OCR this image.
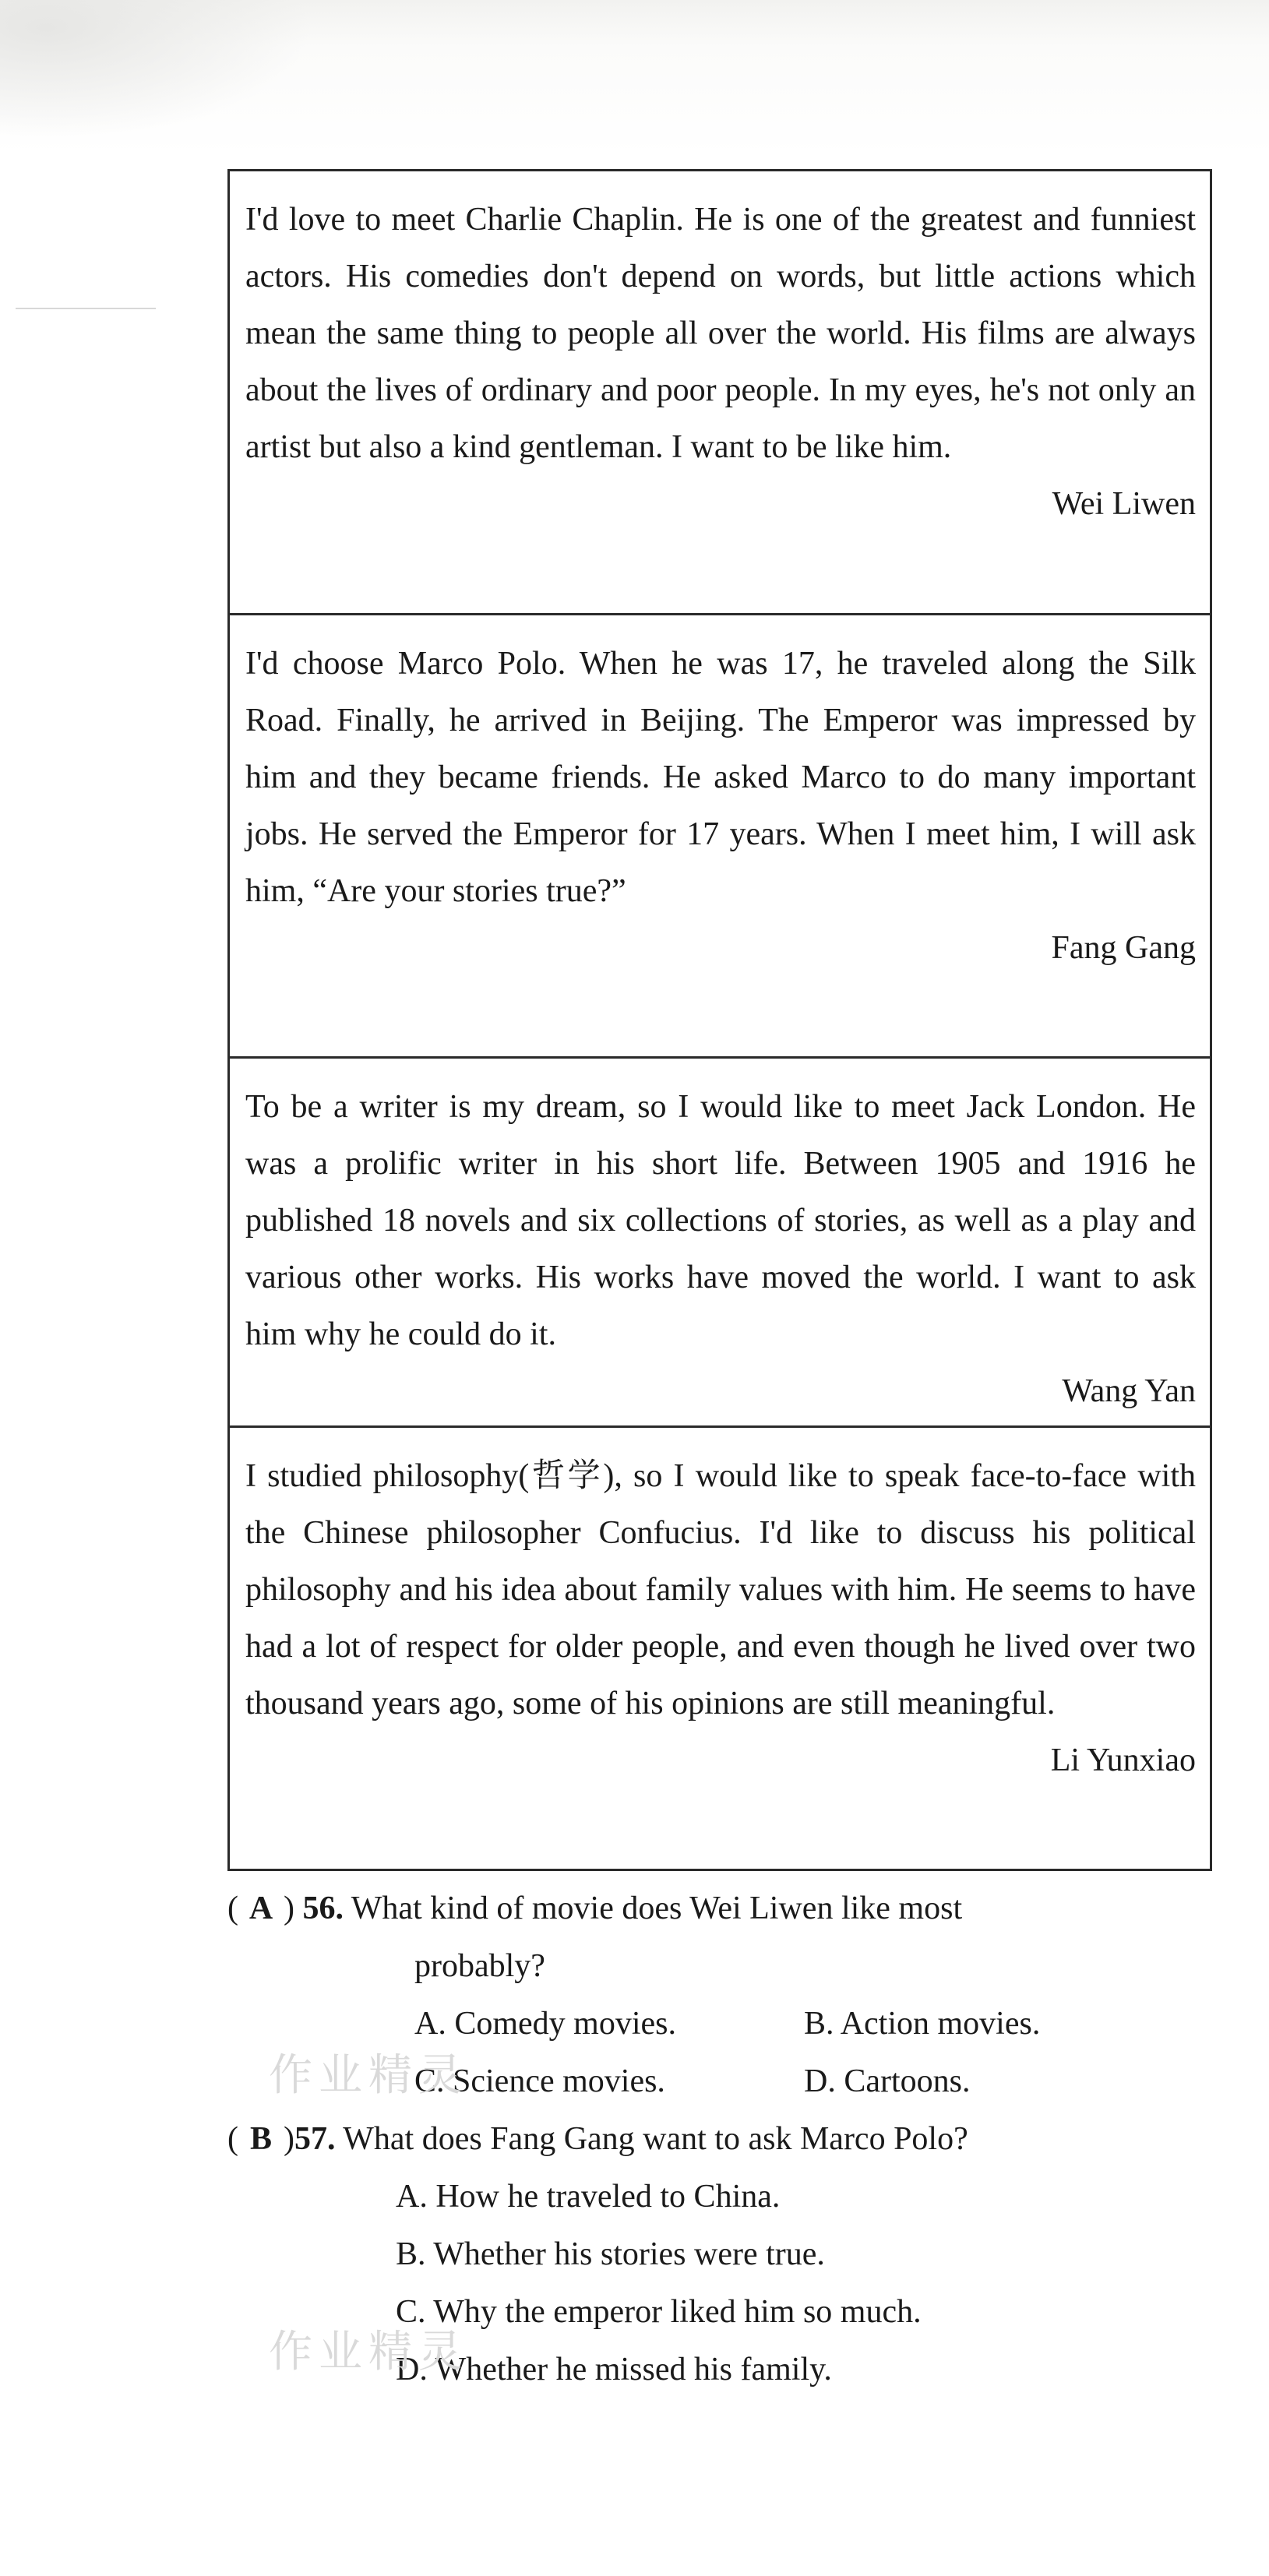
I'd love to meet Charlie Chaplin. He is one of the greatest and funniest actors. His comedies don't depend on words, but little actions which mean the same thing to people all over the world. His films are always about the lives of ordinary and poor people. In my eyes, he's not only an artist but also a kind gentleman. I want to be like him.

Wei Liwen

I'd choose Marco Polo. When he was 17, he traveled along the Silk Road. Finally, he arrived in Beijing. The Emperor was impressed by him and they became friends. He asked Marco to do many important jobs. He served the Emperor for 17 years. When I meet him, I will ask him, “Are your stories true?”

Fang Gang

To be a writer is my dream, so I would like to meet Jack London. He was a prolific writer in his short life. Between 1905 and 1916 he published 18 novels and six collections of stories, as well as a play and various other works. His works have moved the world. I want to ask him why he could do it.

Wang Yan

I studied philosophy(哲学), so I would like to speak face-to-face with the Chinese philosopher Confucius. I'd like to discuss his political philosophy and his idea about family values with him. He seems to have had a lot of respect for older people, and even though he lived over two thousand years ago, some of his opinions are still meaningful.

Li Yunxiao

( A ) 56. What kind of movie does Wei Liwen like most
probably?
A. Comedy movies.	B. Action movies.
C. Science movies.	D. Cartoons.
( B )57. What does Fang Gang want to ask Marco Polo?
A. How he traveled to China.
B. Whether his stories were true.
C. Why the emperor liked him so much.
D. Whether he missed his family.
作业精灵
作业精灵
